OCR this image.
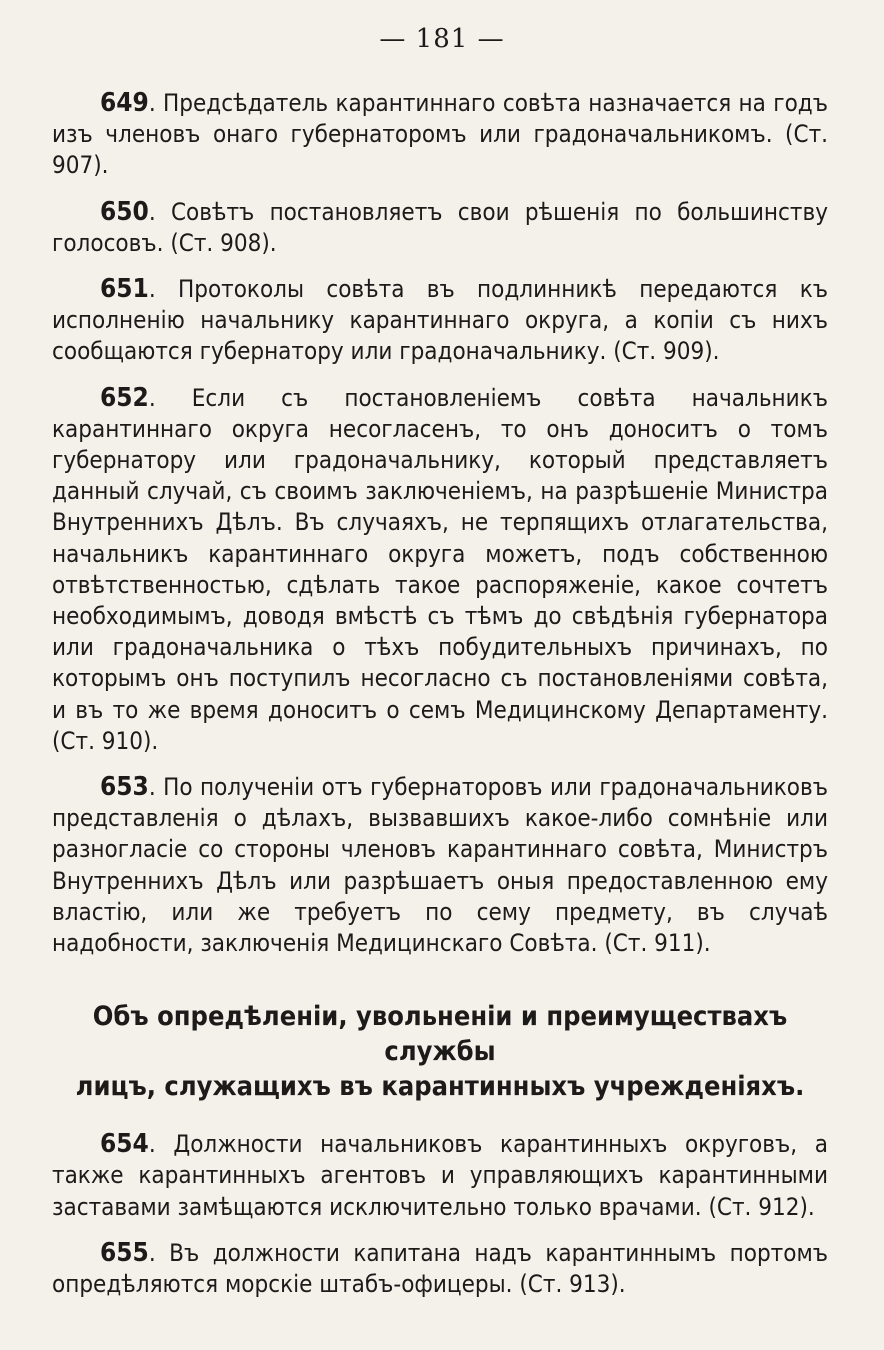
— 181 —

649. Предсѣдатель карантиннаго совѣта назначается на годъ изъ членовъ онаго губернаторомъ или градоначальникомъ. (Ст. 907).

650. Совѣтъ постановляетъ свои рѣшенія по большинству голосовъ. (Ст. 908).

651. Протоколы совѣта въ подлинникѣ передаются къ исполненію начальнику карантиннаго округа, а копіи съ нихъ сообщаются губернатору или градоначальнику. (Ст. 909).

652. Если съ постановленіемъ совѣта начальникъ карантиннаго округа несогласенъ, то онъ доноситъ о томъ губернатору или градоначальнику, который представляетъ данный случай, съ своимъ заключеніемъ, на разрѣшеніе Министра Внутреннихъ Дѣлъ. Въ случаяхъ, не терпящихъ отлагательства, начальникъ карантиннаго округа можетъ, подъ собственною отвѣтственностью, сдѣлать такое распоряженіе, какое сочтетъ необходимымъ, доводя вмѣстѣ съ тѣмъ до свѣдѣнія губернатора или градоначальника о тѣхъ побудительныхъ причинахъ, по которымъ онъ поступилъ несогласно съ постановленіями совѣта, и въ то же время доноситъ о семъ Медицинскому Департаменту. (Ст. 910).

653. По полученіи отъ губернаторовъ или градоначальниковъ представленія о дѣлахъ, вызвавшихъ какое-либо сомнѣніе или разногласіе со стороны членовъ карантиннаго совѣта, Министръ Внутреннихъ Дѣлъ или разрѣшаетъ оныя предоставленною ему властію, или же требуетъ по сему предмету, въ случаѣ надобности, заключенія Медицинскаго Совѣта. (Ст. 911).

Объ опредѣленіи, увольненіи и преимуществахъ службы
лицъ, служащихъ въ карантинныхъ учрежденіяхъ.

654. Должности начальниковъ карантинныхъ округовъ, а также карантинныхъ агентовъ и управляющихъ карантинными заставами замѣщаются исключительно только врачами. (Ст. 912).

655. Въ должности капитана надъ карантиннымъ портомъ опредѣляются морскіе штабъ-офицеры. (Ст. 913).
